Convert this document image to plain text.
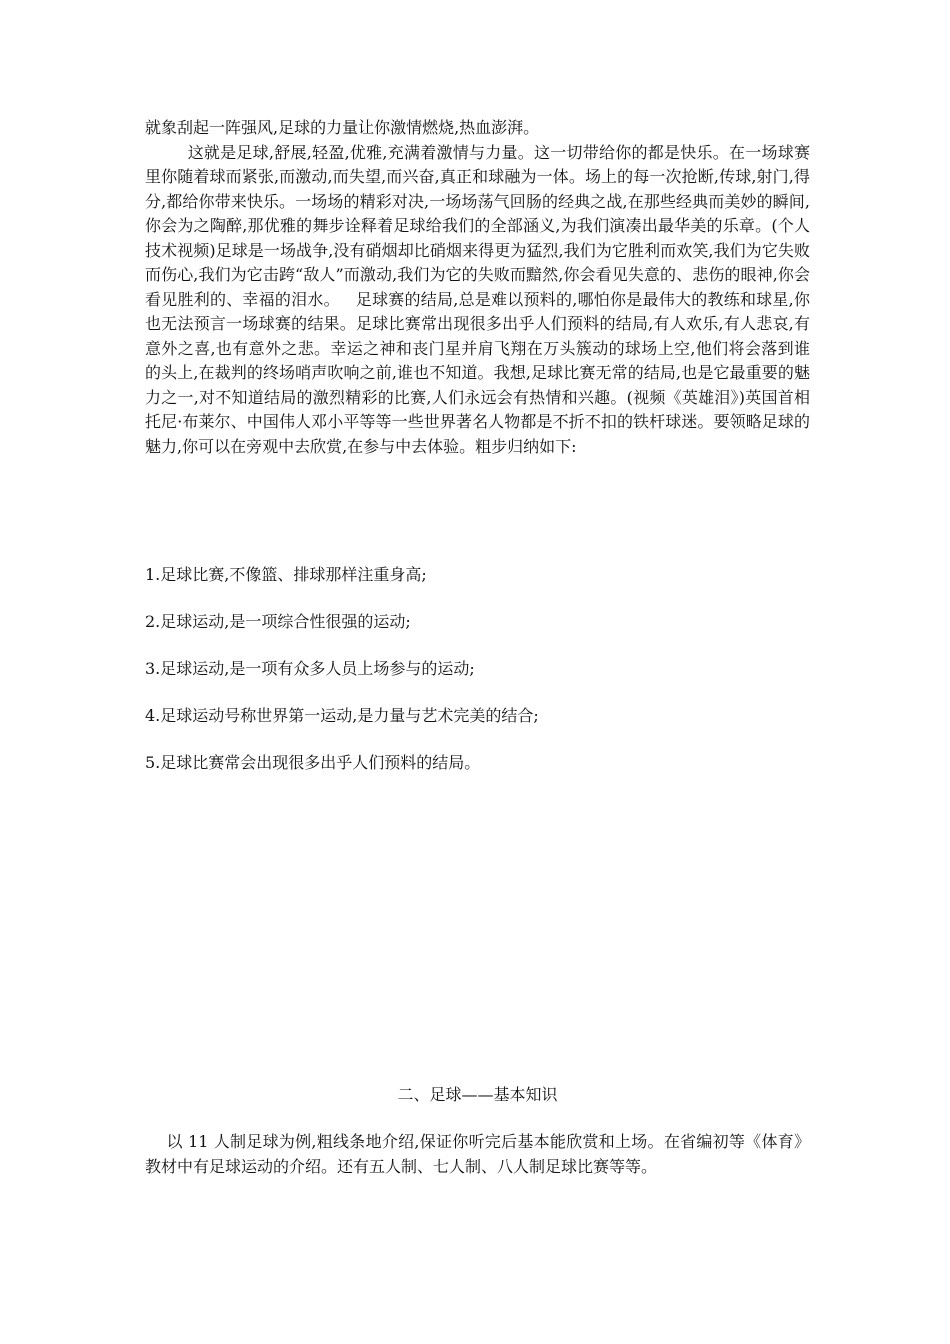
就象刮起一阵强风,足球的力量让你激情燃烧,热血澎湃。
这就是足球,舒展,轻盈,优雅,充满着激情与力量。这一切带给你的都是快乐。在一场球赛里你随着球而紧张,而激动,而失望,而兴奋,真正和球融为一体。场上的每一次抢断,传球,射门,得分,都给你带来快乐。一场场的精彩对决,一场场荡气回肠的经典之战,在那些经典而美妙的瞬间,你会为之陶醉,那优雅的舞步诠释着足球给我们的全部涵义,为我们演凑出最华美的乐章。(个人技术视频)足球是一场战争,没有硝烟却比硝烟来得更为猛烈,我们为它胜利而欢笑,我们为它失败而伤心,我们为它击跨“敌人”而激动,我们为它的失败而黯然,你会看见失意的、悲伤的眼神,你会看见胜利的、幸福的泪水。   足球赛的结局,总是难以预料的,哪怕你是最伟大的教练和球星,你也无法预言一场球赛的结果。足球比赛常出现很多出乎人们预料的结局,有人欢乐,有人悲哀,有意外之喜,也有意外之悲。幸运之神和丧门星并肩飞翔在万头簇动的球场上空,他们将会落到谁的头上,在裁判的终场哨声吹响之前,谁也不知道。我想,足球比赛无常的结局,也是它最重要的魅力之一,对不知道结局的激烈精彩的比赛,人们永远会有热情和兴趣。(视频《英雄泪》)英国首相托尼·布莱尔、中国伟人邓小平等等一些世界著名人物都是不折不扣的铁杆球迷。要领略足球的魅力,你可以在旁观中去欣赏,在参与中去体验。粗步归纳如下:

1.足球比赛,不像篮、排球那样注重身高;

2.足球运动,是一项综合性很强的运动;

3.足球运动,是一项有众多人员上场参与的运动;

4.足球运动号称世界第一运动,是力量与艺术完美的结合;

5.足球比赛常会出现很多出乎人们预料的结局。

二、足球——基本知识

以 11 人制足球为例,粗线条地介绍,保证你听完后基本能欣赏和上场。在省编初等《体育》教材中有足球运动的介绍。还有五人制、七人制、八人制足球比赛等等。
